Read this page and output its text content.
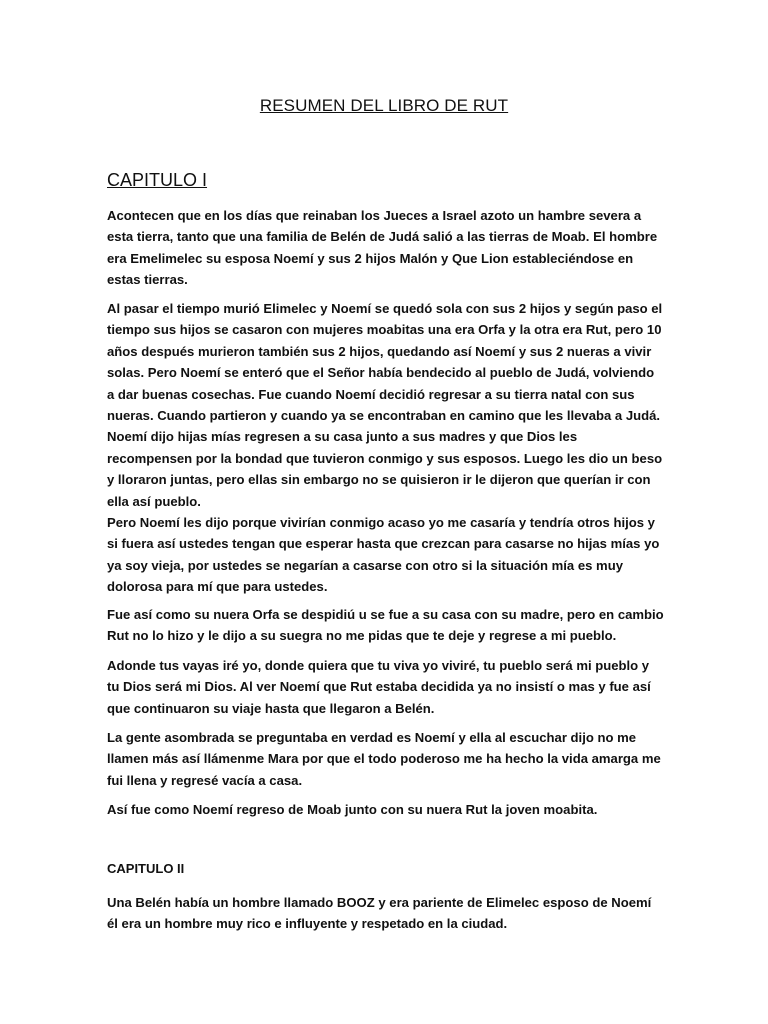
RESUMEN DEL LIBRO DE RUT
CAPITULO I

Acontecen que en los días que reinaban los Jueces a Israel azoto un hambre severa a esta tierra, tanto que una familia de Belén de Judá salió a las tierras de Moab. El hombre era Emelimelec su esposa Noemí y sus 2 hijos Malón y Que Lion estableciéndose en estas tierras.

Al pasar el tiempo murió Elimelec y Noemí se quedó sola con sus 2 hijos y según paso el tiempo sus hijos se casaron con mujeres moabitas una era Orfa y la otra era Rut, pero 10 años después murieron también sus 2 hijos, quedando así Noemí y sus 2 nueras a vivir solas. Pero Noemí se enteró que el Señor había bendecido al pueblo de Judá, volviendo a dar buenas cosechas. Fue cuando Noemí decidió regresar a su tierra natal con sus nueras. Cuando partieron y cuando ya se encontraban en camino que les llevaba a Judá. Noemí dijo hijas mías regresen a su casa junto a sus madres y que Dios les recompensen por la bondad que tuvieron conmigo y sus esposos. Luego les dio un beso y lloraron juntas, pero ellas sin embargo no se quisieron ir le dijeron que querían ir con ella así pueblo.

Pero Noemí les dijo porque vivirían conmigo acaso yo me casaría y tendría otros hijos y si fuera así ustedes tengan que esperar hasta que crezcan para casarse no hijas mías yo ya soy vieja, por ustedes se negarían a casarse con otro si la situación mía es muy dolorosa para mí que para ustedes.

Fue así como su nuera Orfa se despidiú u se fue a su casa con su madre, pero en cambio Rut no lo hizo y le dijo a su suegra no me pidas que te deje y regrese a mi pueblo.

Adonde tus vayas iré yo, donde quiera que tu viva yo viviré, tu pueblo será mi pueblo y tu Dios será mi Dios. Al ver Noemí que Rut estaba decidida ya no insistí o mas y fue así que continuaron su viaje hasta que llegaron a Belén.

La gente asombrada se preguntaba en verdad es Noemí y ella al escuchar dijo no me llamen más así llámenme Mara por que el todo poderoso me ha hecho la vida amarga me fui llena y regresé vacía a casa.

Así fue como Noemí regreso de Moab junto con su nuera Rut la joven moabita.

CAPITULO II

Una Belén había un hombre llamado BOOZ y era pariente de Elimelec esposo de Noemí él era un hombre muy rico e influyente y respetado en la ciudad.
